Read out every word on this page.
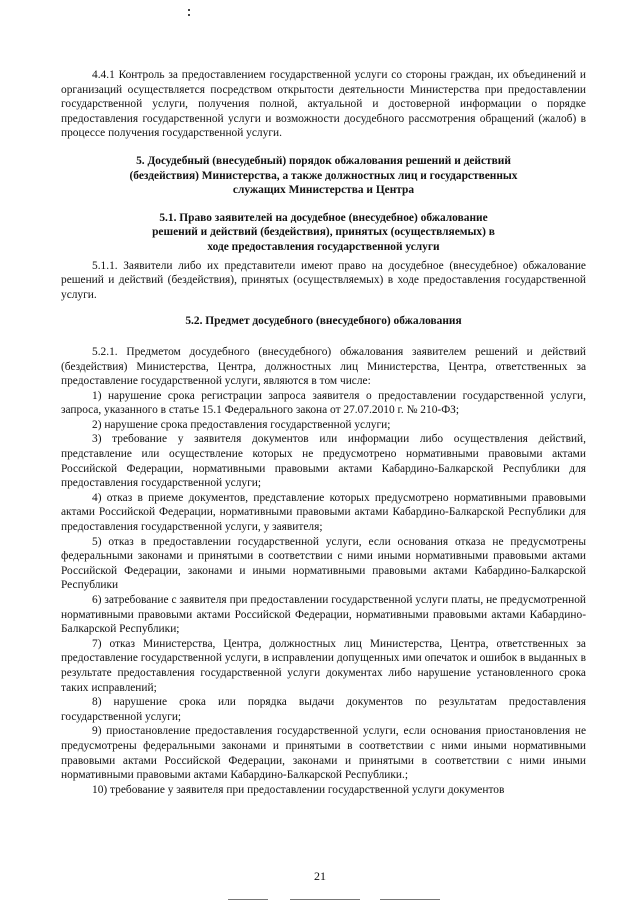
4.4.1 Контроль за предоставлением государственной услуги со стороны граждан, их объединений и организаций осуществляется посредством открытости деятельности Министерства при предоставлении государственной услуги, получения полной, актуальной и достоверной информации о порядке предоставления государственной услуги и возможности досудебного рассмотрения обращений (жалоб) в процессе получения государственной услуги.

5. Досудебный (внесудебный) порядок обжалования решений и действий (бездействия) Министерства, а также должностных лиц и государственных служащих Министерства и Центра
5.1. Право заявителей на досудебное (внесудебное) обжалование решений и действий (бездействия), принятых (осуществляемых) в ходе предоставления государственной услуги

5.1.1. Заявители либо их представители имеют право на досудебное (внесудебное) обжалование решений и действий (бездействия), принятых (осуществляемых) в ходе предоставления государственной услуги.

5.2. Предмет досудебного (внесудебного) обжалования

5.2.1. Предметом досудебного (внесудебного) обжалования заявителем решений и действий (бездействия) Министерства, Центра, должностных лиц Министерства, Центра, ответственных за предоставление государственной услуги, являются в том числе:

1) нарушение срока регистрации запроса заявителя о предоставлении государственной услуги, запроса, указанного в статье 15.1 Федерального закона от 27.07.2010 г. № 210-ФЗ;

2) нарушение срока предоставления государственной услуги;

3) требование у заявителя документов или информации либо осуществления действий, представление или осуществление которых не предусмотрено нормативными правовыми актами Российской Федерации, нормативными правовыми актами Кабардино-Балкарской Республики для предоставления государственной услуги;

4) отказ в приеме документов, представление которых предусмотрено нормативными правовыми актами Российской Федерации, нормативными правовыми актами Кабардино-Балкарской Республики для предоставления государственной услуги, у заявителя;

5) отказ в предоставлении государственной услуги, если основания отказа не предусмотрены федеральными законами и принятыми в соответствии с ними иными нормативными правовыми актами Российской Федерации, законами и иными нормативными правовыми актами Кабардино-Балкарской Республики

6) затребование с заявителя при предоставлении государственной услуги платы, не предусмотренной нормативными правовыми актами Российской Федерации, нормативными правовыми актами Кабардино-Балкарской Республики;

7) отказ Министерства, Центра, должностных лиц Министерства, Центра, ответственных за предоставление государственной услуги, в исправлении допущенных ими опечаток и ошибок в выданных в результате предоставления государственной услуги документах либо нарушение установленного срока таких исправлений;

8) нарушение срока или порядка выдачи документов по результатам предоставления государственной услуги;

9) приостановление предоставления государственной услуги, если основания приостановления не предусмотрены федеральными законами и принятыми в соответствии с ними иными нормативными правовыми актами Российской Федерации, законами и принятыми в соответствии с ними иными нормативными правовыми актами Кабардино-Балкарской Республики.;

10) требование у заявителя при предоставлении государственной услуги документов

21
